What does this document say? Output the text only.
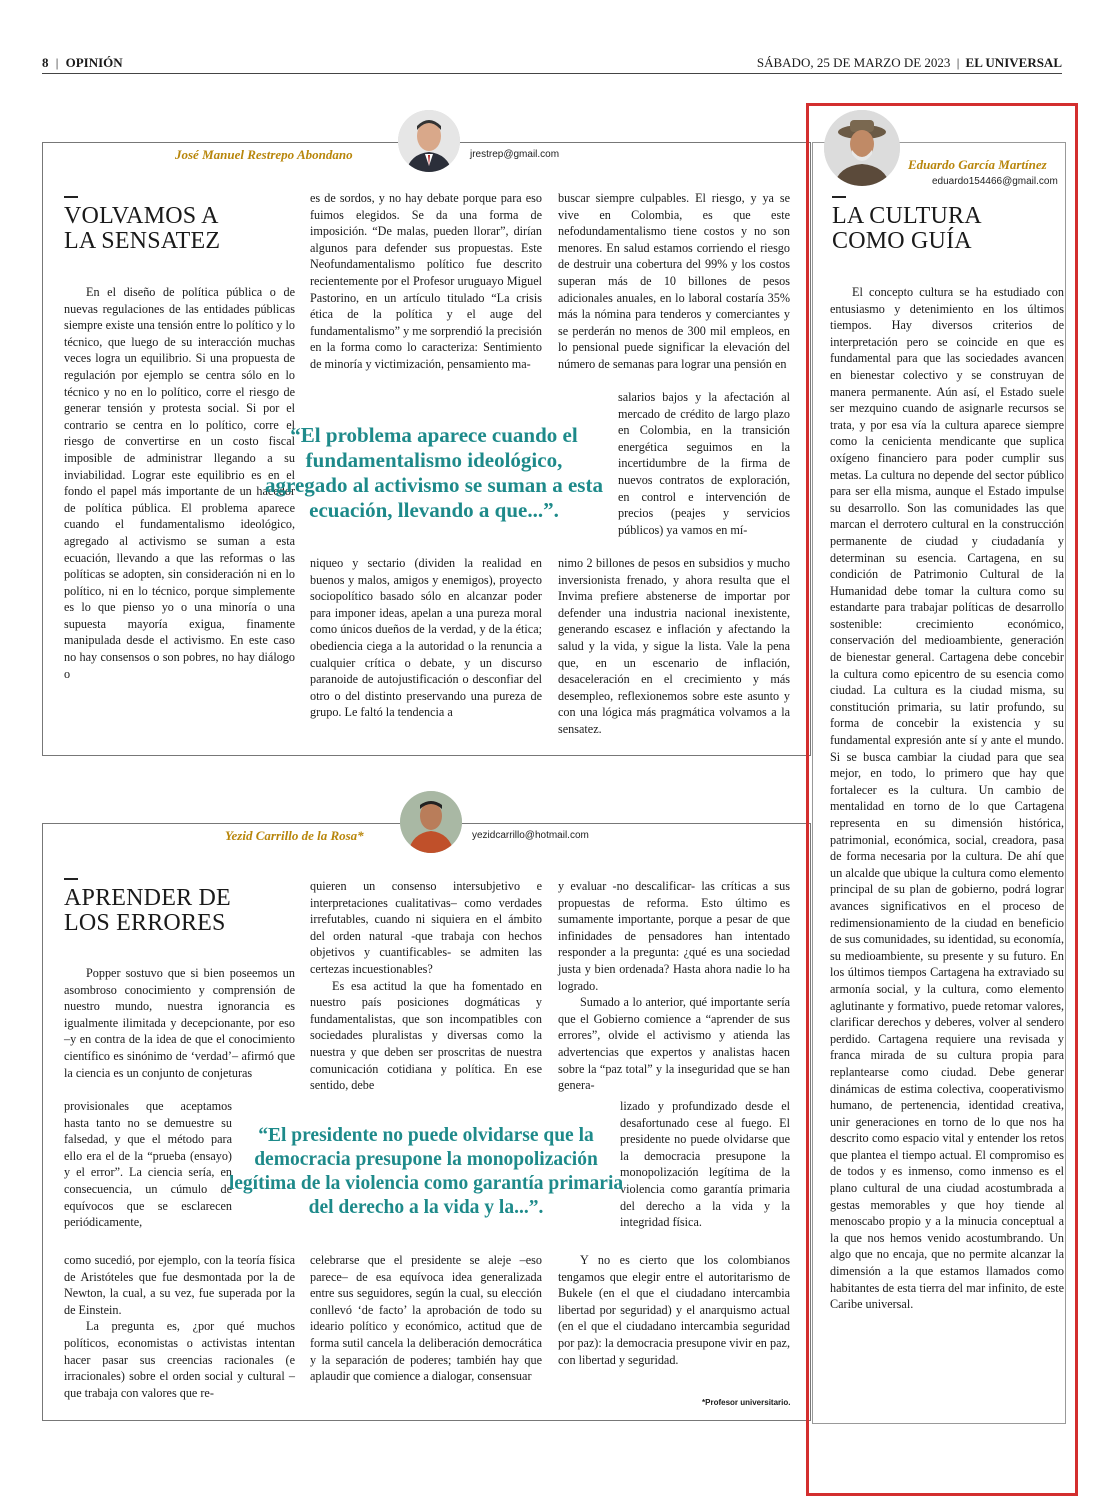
8 | OPINIÓN	SÁBADO, 25 DE MARZO DE 2023 | EL UNIVERSAL
José Manuel Restrepo Abondano	jrestrep@gmail.com
VOLVAMOS A
LA SENSATEZ

En el diseño de política pública o de nuevas regulaciones de las entidades públicas siempre existe una tensión entre lo político y lo técnico, que luego de su interacción muchas veces logra un equilibrio. Si una propuesta de regulación por ejemplo se centra sólo en lo técnico y no en lo político, corre el riesgo de generar tensión y protesta social. Si por el contrario se centra en lo político, corre el riesgo de convertirse en un costo fiscal imposible de administrar llegando a su inviabilidad. Lograr este equilibrio es en el fondo el papel más importante de un hacedor de política pública. El problema aparece cuando el fundamentalismo ideológico, agregado al activismo se suman a esta ecuación, llevando a que las reformas o las políticas se adopten, sin consideración ni en lo político, ni en lo técnico, porque simplemente es lo que pienso yo o una minoría o una supuesta mayoría exigua, finamente manipulada desde el activismo. En este caso no hay consensos o son pobres, no hay diálogo o

es de sordos, y no hay debate porque para eso fuimos elegidos. Se da una forma de imposición. “De malas, pueden llorar”, dirían algunos para defender sus propuestas. Este Neofundamentalismo político fue descrito recientemente por el Profesor uruguayo Miguel Pastorino, en un artículo titulado “La crisis ética de la política y el auge del fundamentalismo” y me sorprendió la precisión en la forma como lo caracteriza: Sentimiento de minoría y victimización, pensamiento ma-

niqueo y sectario (dividen la realidad en buenos y malos, amigos y enemigos), proyecto sociopolítico basado sólo en alcanzar poder para imponer ideas, apelan a una pureza moral como únicos dueños de la verdad, y de la ética; obediencia ciega a la autoridad o la renuncia a cualquier crítica o debate, y un discurso paranoide de autojustificación o desconfiar del otro o del distinto preservando una pureza de grupo. Le faltó la tendencia a

buscar siempre culpables. El riesgo, y ya se vive en Colombia, es que este nefodundamentalismo tiene costos y no son menores. En salud estamos corriendo el riesgo de destruir una cobertura del 99% y los costos superan más de 10 billones de pesos adicionales anuales, en lo laboral costaría 35% más la nómina para tenderos y comerciantes y se perderán no menos de 300 mil empleos, en lo pensional puede significar la elevación del número de semanas para lograr una pensión en

salarios bajos y la afectación al mercado de crédito de largo plazo en Colombia, en la transición energética seguimos en la incertidumbre de la firma de nuevos contratos de exploración, en control e intervención de precios (peajes y servicios públicos) ya vamos en mí-

nimo 2 billones de pesos en subsidios y mucho inversionista frenado, y ahora resulta que el Invima prefiere abstenerse de importar por defender una industria nacional inexistente, generando escasez e inflación y afectando la salud y la vida, y sigue la lista. Vale la pena que, en un escenario de inflación, desaceleración en el crecimiento y más desempleo, reflexionemos sobre este asunto y con una lógica más pragmática volvamos a la sensatez.

“El problema aparece cuando el fundamentalismo ideológico, agregado al activismo se suman a esta ecuación, llevando a que...”.
Yezid Carrillo de la Rosa*	yezidcarrillo@hotmail.com
APRENDER DE
LOS ERRORES

Popper sostuvo que si bien poseemos un asombroso conocimiento y comprensión de nuestro mundo, nuestra ignorancia es igualmente ilimitada y decepcionante, por eso –y en contra de la idea de que el conocimiento científico es sinónimo de ‘verdad’– afirmó que la ciencia es un conjunto de conjeturas

provisionales que aceptamos hasta tanto no se demuestre su falsedad, y que el método para ello era el de la “prueba (ensayo) y el error”. La ciencia sería, en consecuencia, un cúmulo de equívocos que se esclarecen periódicamente,

como sucedió, por ejemplo, con la teoría física de Aristóteles que fue desmontada por la de Newton, la cual, a su vez, fue superada por la de Einstein.

La pregunta es, ¿por qué muchos políticos, economistas o activistas intentan hacer pasar sus creencias racionales (e irracionales) sobre el orden social y cultural –que trabaja con valores que re-

quieren un consenso intersubjetivo e interpretaciones cualitativas– como verdades irrefutables, cuando ni siquiera en el ámbito del orden natural -que trabaja con hechos objetivos y cuantificables- se admiten las certezas incuestionables?

Es esa actitud la que ha fomentado en nuestro país posiciones dogmáticas y fundamentalistas, que son incompatibles con sociedades pluralistas y diversas como la nuestra y que deben ser proscritas de nuestra comunicación cotidiana y política. En ese sentido, debe

celebrarse que el presidente se aleje –eso parece– de esa equívoca idea generalizada entre sus seguidores, según la cual, su elección conllevó ‘de facto’ la aprobación de todo su ideario político y económico, actitud que de forma sutil cancela la deliberación democrática y la separación de poderes; también hay que aplaudir que comience a dialogar, consensuar

y evaluar -no descalificar- las críticas a sus propuestas de reforma. Esto último es sumamente importante, porque a pesar de que infinidades de pensadores han intentado responder a la pregunta: ¿qué es una sociedad justa y bien ordenada? Hasta ahora nadie lo ha logrado.

Sumado a lo anterior, qué importante sería que el Gobierno comience a “aprender de sus errores”, olvide el activismo y atienda las advertencias que expertos y analistas hacen sobre la “paz total” y la inseguridad que se han genera-

lizado y profundizado desde el desafortunado cese al fuego. El presidente no puede olvidarse que la democracia presupone la monopolización legítima de la violencia como garantía primaria del derecho a la vida y la integridad física.

Y no es cierto que los colombianos tengamos que elegir entre el autoritarismo de Bukele (en el que el ciudadano intercambia libertad por seguridad) y el anarquismo actual (en el que el ciudadano intercambia seguridad por paz): la democracia presupone vivir en paz, con libertad y seguridad.

“El presidente no puede olvidarse que la democracia presupone la monopolización legítima de la violencia como garantía primaria del derecho a la vida y la...”.
*Profesor universitario.
Eduardo García Martínez
eduardo154466@gmail.com
LA CULTURA
COMO GUÍA

El concepto cultura se ha estudiado con entusiasmo y detenimiento en los últimos tiempos. Hay diversos criterios de interpretación pero se coincide en que es fundamental para que las sociedades avancen en bienestar colectivo y se construyan de manera permanente. Aún así, el Estado suele ser mezquino cuando de asignarle recursos se trata, y por esa vía la cultura aparece siempre como la cenicienta mendicante que suplica oxígeno financiero para poder cumplir sus metas. La cultura no depende del sector público para ser ella misma, aunque el Estado impulse su desarrollo. Son las comunidades las que marcan el derrotero cultural en la construcción permanente de ciudad y ciudadanía y determinan su esencia. Cartagena, en su condición de Patrimonio Cultural de la Humanidad debe tomar la cultura como su estandarte para trabajar políticas de desarrollo sostenible: crecimiento económico, conservación del medioambiente, generación de bienestar general. Cartagena debe concebir la cultura como epicentro de su esencia como ciudad. La cultura es la ciudad misma, su constitución primaria, su latir profundo, su forma de concebir la existencia y su fundamental expresión ante sí y ante el mundo. Si se busca cambiar la ciudad para que sea mejor, en todo, lo primero que hay que fortalecer es la cultura. Un cambio de mentalidad en torno de lo que Cartagena representa en su dimensión histórica, patrimonial, económica, social, creadora, pasa de forma necesaria por la cultura. De ahí que un alcalde que ubique la cultura como elemento principal de su plan de gobierno, podrá lograr avances significativos en el proceso de redimensionamiento de la ciudad en beneficio de sus comunidades, su identidad, su economía, su medioambiente, su presente y su futuro. En los últimos tiempos Cartagena ha extraviado su armonía social, y la cultura, como elemento aglutinante y formativo, puede retomar valores, clarificar derechos y deberes, volver al sendero perdido. Cartagena requiere una revisada y franca mirada de su cultura propia para replantearse como ciudad. Debe generar dinámicas de estima colectiva, cooperativismo humano, de pertenencia, identidad creativa, unir generaciones en torno de lo que nos ha descrito como espacio vital y entender los retos que plantea el tiempo actual. El compromiso es de todos y es inmenso, como inmenso es el plano cultural de una ciudad acostumbrada a gestas memorables y que hoy tiende al menoscabo propio y a la minucia conceptual a la que nos hemos venido acostumbrando. Un algo que no encaja, que no permite alcanzar la dimensión a la que estamos llamados como habitantes de esta tierra del mar infinito, de este Caribe universal.
